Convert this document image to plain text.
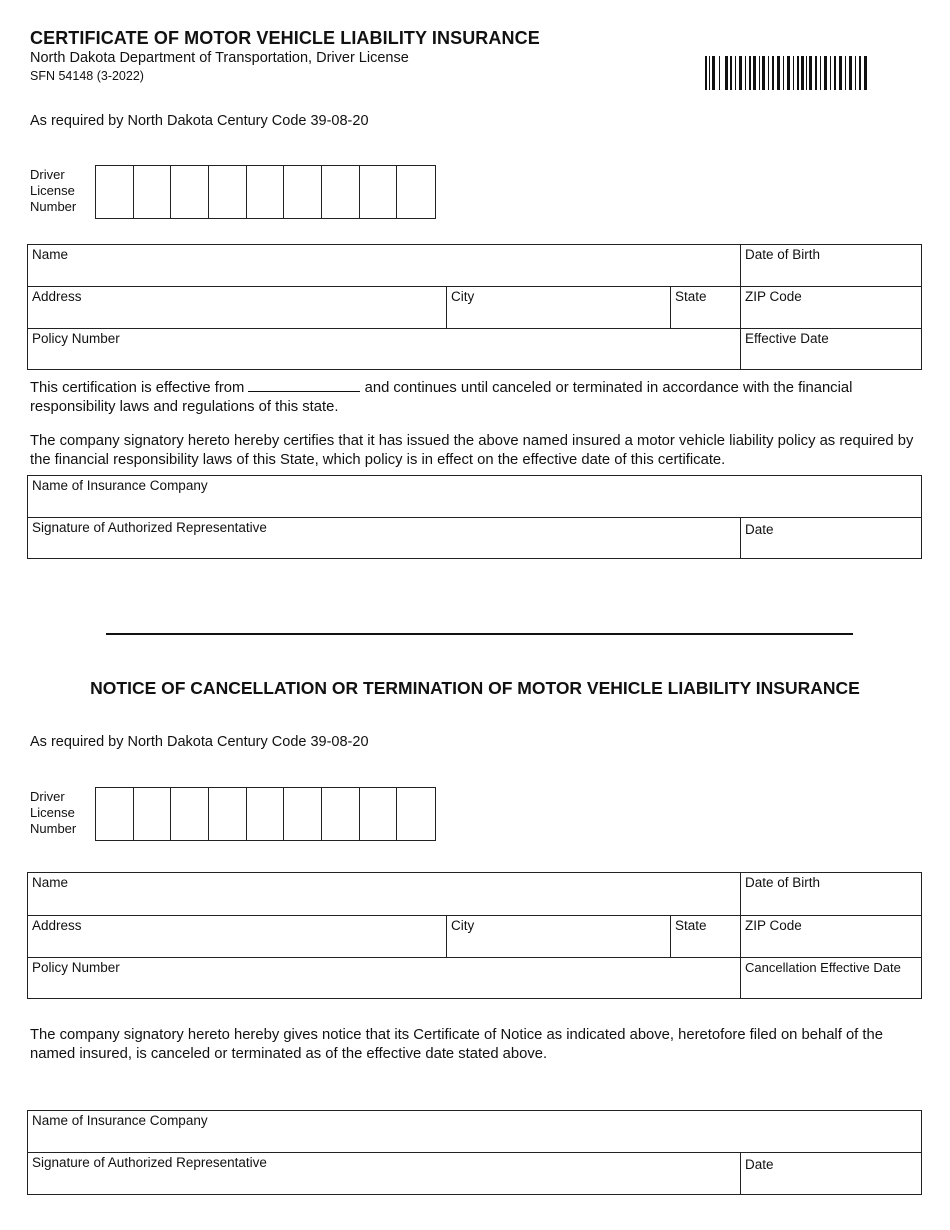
CERTIFICATE OF MOTOR VEHICLE LIABILITY INSURANCE
North Dakota Department of Transportation, Driver License
SFN 54148 (3-2022)
As required by North Dakota Century Code 39-08-20
Driver
License
Number
Name	Date of Birth
Address	City	State	ZIP Code
Policy Number	Effective Date
This certification is effective from	and continues until canceled or terminated in accordance with the financial
responsibility laws and regulations of this state.
The company signatory hereto hereby certifies that it has issued the above named insured a motor vehicle liability policy as required by the financial responsibility laws of this State, which policy is in effect on the effective date of this certificate.
Name of Insurance Company
Signature of Authorized Representative	Date
NOTICE OF CANCELLATION OR TERMINATION OF MOTOR VEHICLE LIABILITY INSURANCE
As required by North Dakota Century Code 39-08-20
Driver
License
Number
Name	Date of Birth
Address	City	State	ZIP Code
Policy Number	Cancellation Effective Date
The company signatory hereto hereby gives notice that its Certificate of Notice as indicated above, heretofore filed on behalf of the named insured, is canceled or terminated as of the effective date stated above.
Name of Insurance Company
Signature of Authorized Representative	Date
